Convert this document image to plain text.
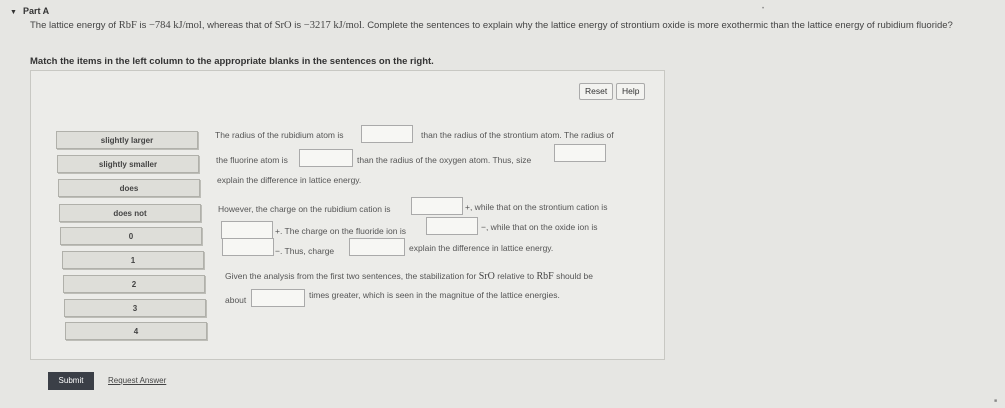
▼ Part A	•
The lattice energy of RbF is −784 kJ/mol, whereas that of SrO is −3217 kJ/mol. Complete the sentences to explain why the lattice energy of strontium oxide is more exothermic than the lattice energy of rubidium fluoride?
Match the items in the left column to the appropriate blanks in the sentences on the right.
Reset	Help
slightly larger
slightly smaller
does
does not
0
1
2
3
4
The radius of the rubidium atom is	than the radius of the strontium atom. The radius of
the fluorine atom is	than the radius of the oxygen atom. Thus, size
explain the difference in lattice energy.
However, the charge on the rubidium cation is	+, while that on the strontium cation is
+. The charge on the fluoride ion is	−, while that on the oxide ion is
−. Thus, charge	explain the difference in lattice energy.
Given the analysis from the first two sentences, the stabilization for SrO relative to RbF should be
about	times greater, which is seen in the magnitue of the lattice energies.
Submit	Request Answer
■
